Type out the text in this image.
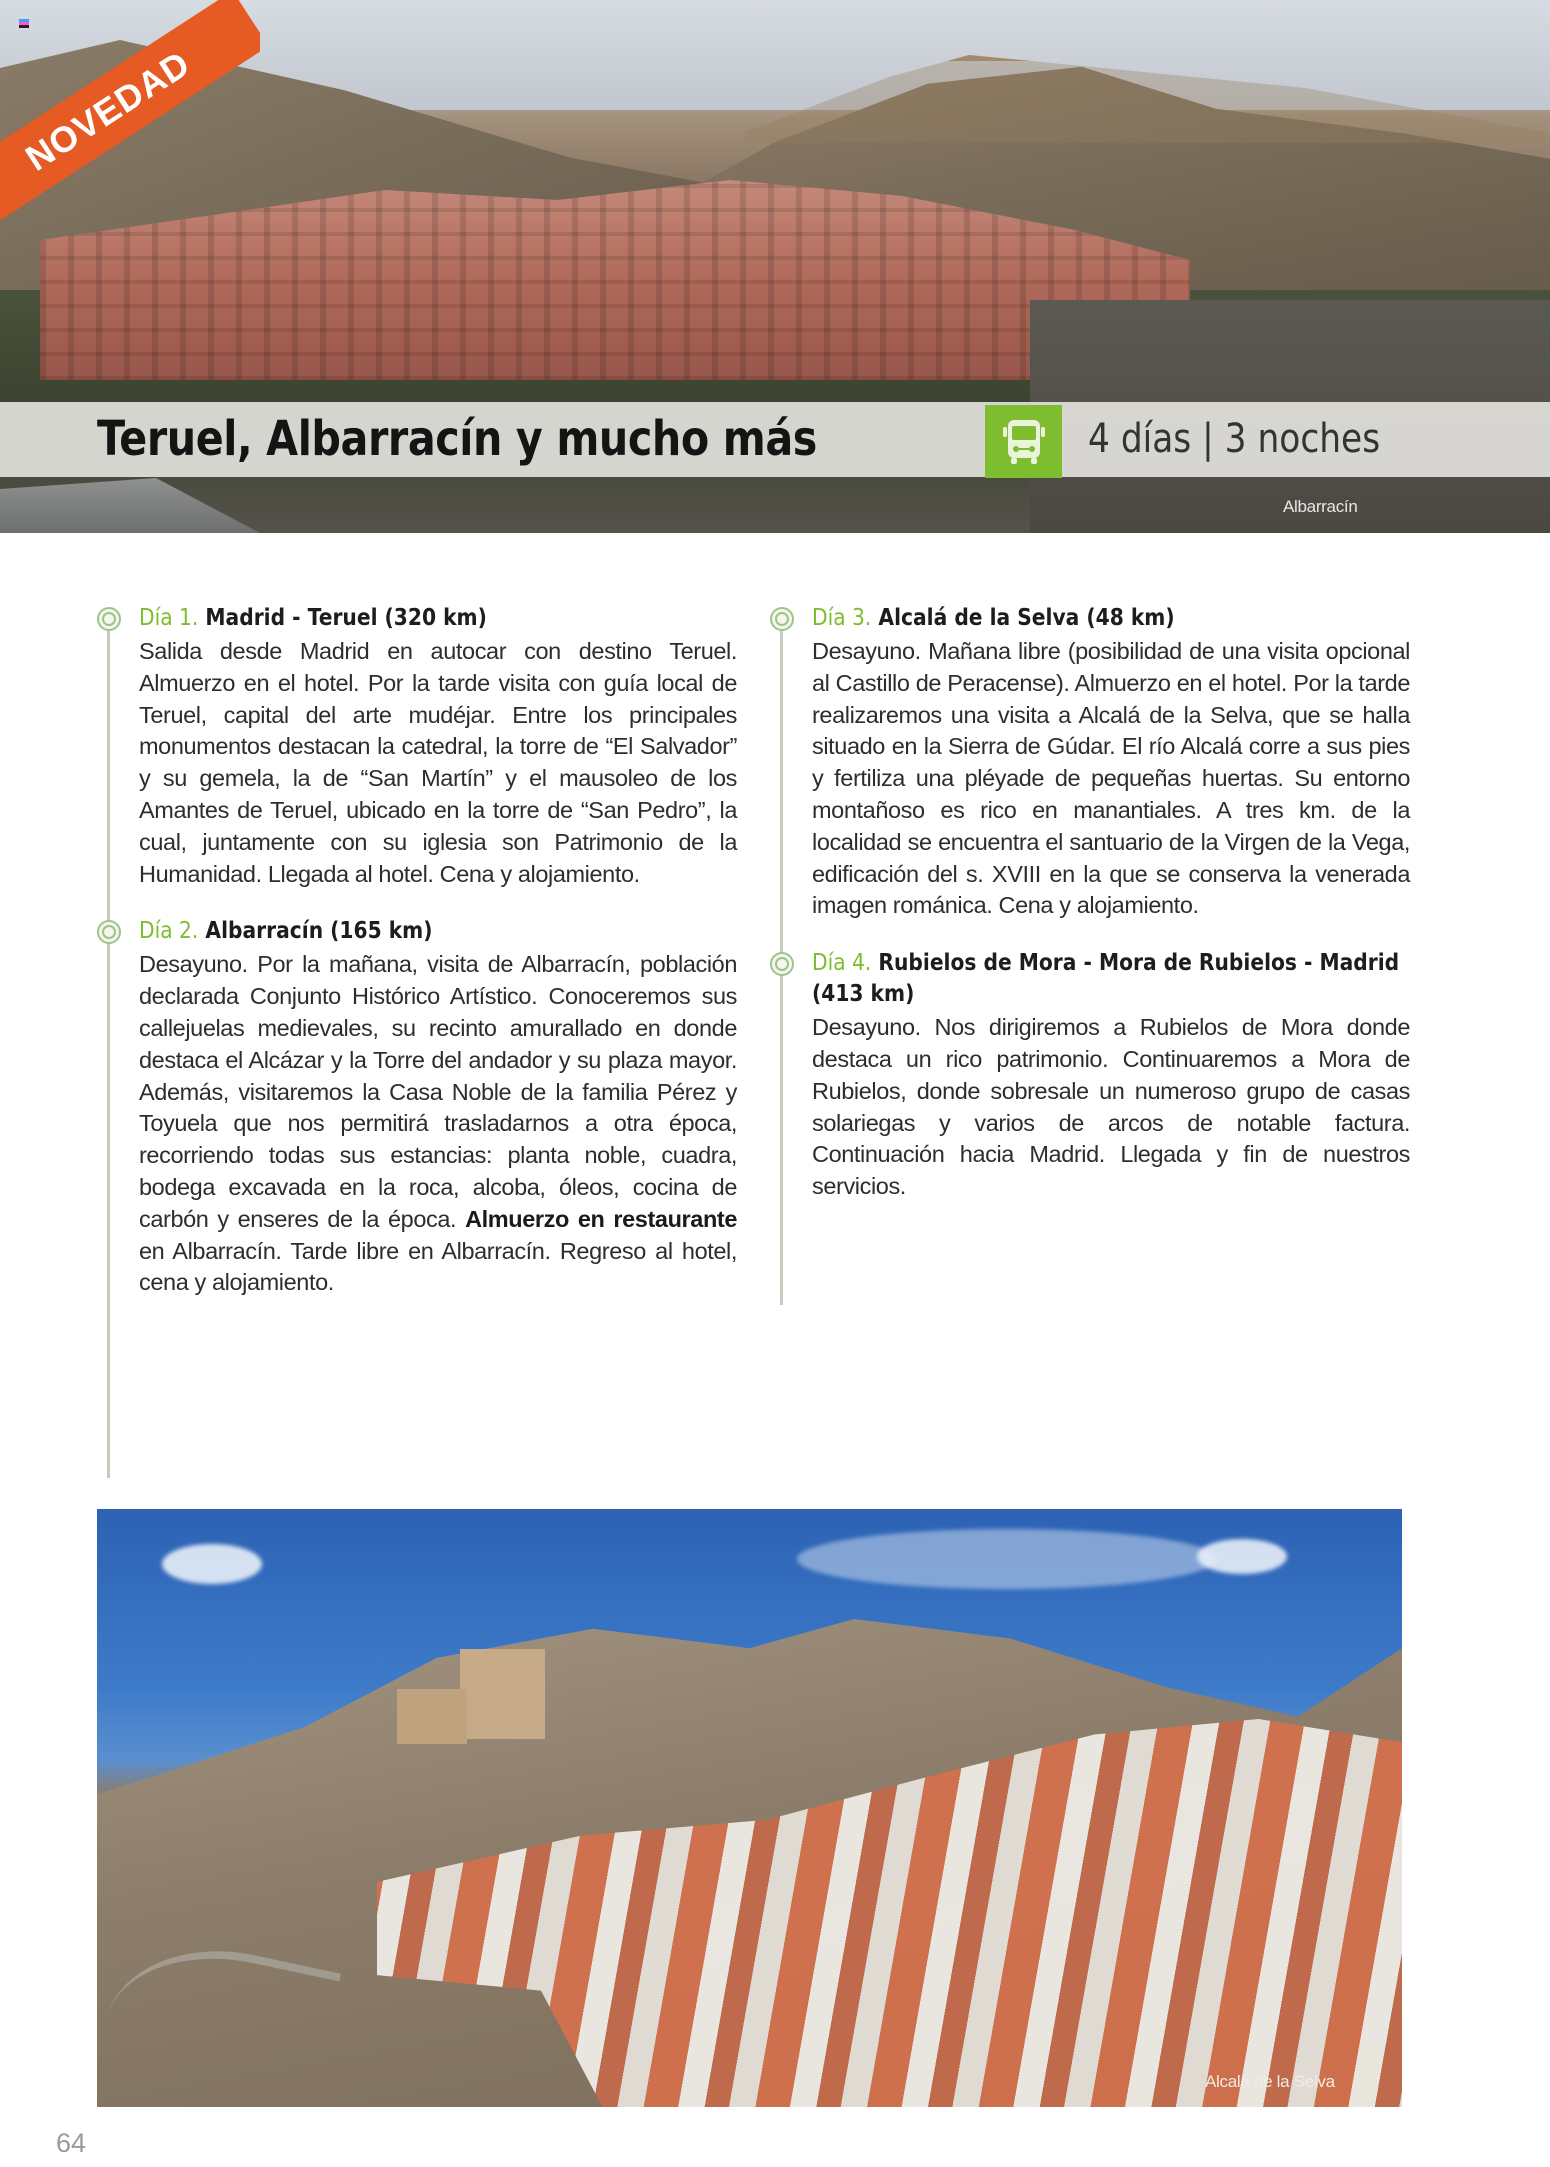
NOVEDAD
Teruel, Albarracín y mucho más	4 días | 3 noches
Albarracín
Día 1. Madrid - Teruel (320 km)

Salida desde Madrid en autocar con destino Teruel. Almuerzo en el hotel. Por la tarde visita con guía local de Teruel, capital del arte mudéjar. Entre los principales monumentos destacan la catedral, la torre de “El Salvador” y su gemela, la de “San Martín” y el mausoleo de los Amantes de Teruel, ubicado en la torre de “San Pedro”, la cual, juntamente con su iglesia son Patrimonio de la Humanidad. Llegada al hotel. Cena y alojamiento.

Día 2. Albarracín (165 km)

Desayuno. Por la mañana, visita de Albarracín, población declarada Conjunto Histórico Artístico. Conoceremos sus callejuelas medievales, su recinto amurallado en donde destaca el Alcázar y la Torre del andador y su plaza mayor. Además, visitaremos la Casa Noble de la familia Pérez y Toyuela que nos permitirá trasladarnos a otra época, recorriendo todas sus estancias: planta noble, cuadra, bodega excavada en la roca, alcoba, óleos, cocina de carbón y enseres de la época. Almuerzo en restaurante en Albarracín. Tarde libre en Albarracín. Regreso al hotel, cena y alojamiento.

Día 3. Alcalá de la Selva (48 km)

Desayuno. Mañana libre (posibilidad de una visita opcional al Castillo de Peracense). Almuerzo en el hotel. Por la tarde realizaremos una visita a Alcalá de la Selva, que se halla situado en la Sierra de Gúdar. El río Alcalá corre a sus pies y fertiliza una pléyade de pequeñas huertas. Su entorno montañoso es rico en manantiales. A tres km. de la localidad se encuentra el santuario de la Virgen de la Vega, edificación del s. XVIII en la que se conserva la venerada imagen románica. Cena y alojamiento.

Día 4. Rubielos de Mora - Mora de Rubielos - Madrid (413 km)

Desayuno. Nos dirigiremos a Rubielos de Mora donde destaca un rico patrimonio. Continuaremos a Mora de Rubielos, donde sobresale un numeroso grupo de casas solariegas y varios de arcos de notable factura. Continuación hacia Madrid. Llegada y fin de nuestros servicios.

Alcalá de la Selva
64
